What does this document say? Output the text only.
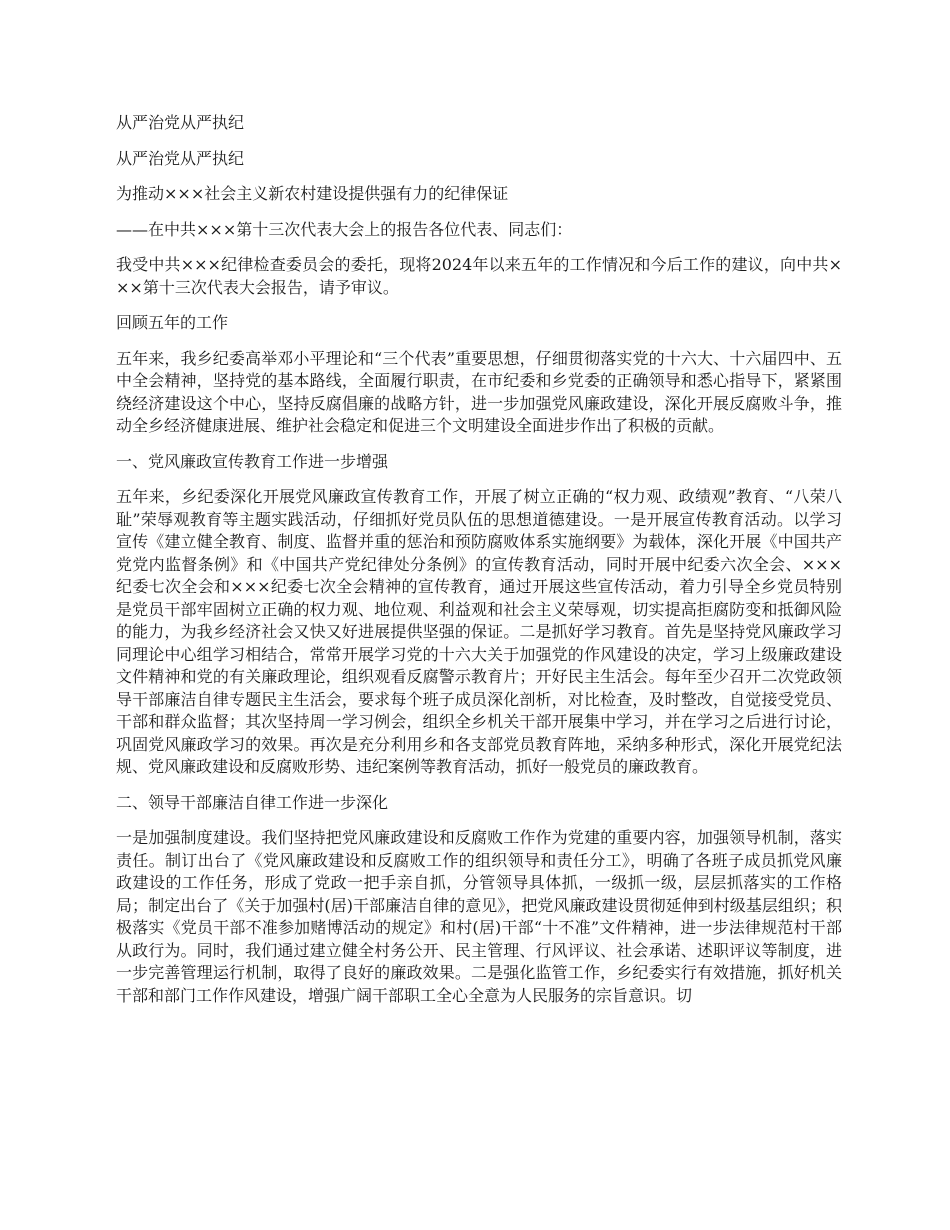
从严治党从严执纪

从严治党从严执纪

为推动×××社会主义新农村建设提供强有力的纪律保证

——在中共×××第十三次代表大会上的报告各位代表、同志们：

我受中共×××纪律检查委员会的委托，现将2024年以来五年的工作情况和今后工作的建议，向中共×××第十三次代表大会报告，请予审议。

回顾五年的工作

五年来，我乡纪委高举邓小平理论和“三个代表”重要思想，仔细贯彻落实党的十六大、十六届四中、五中全会精神，坚持党的基本路线，全面履行职责，在市纪委和乡党委的正确领导和悉心指导下，紧紧围绕经济建设这个中心，坚持反腐倡廉的战略方针，进一步加强党风廉政建设，深化开展反腐败斗争，推动全乡经济健康进展、维护社会稳定和促进三个文明建设全面进步作出了积极的贡献。

一、党风廉政宣传教育工作进一步增强

五年来，乡纪委深化开展党风廉政宣传教育工作，开展了树立正确的“权力观、政绩观”教育、“八荣八耻”荣辱观教育等主题实践活动，仔细抓好党员队伍的思想道德建设。一是开展宣传教育活动。以学习宣传《建立健全教育、制度、监督并重的惩治和预防腐败体系实施纲要》为载体，深化开展《中国共产党党内监督条例》和《中国共产党纪律处分条例》的宣传教育活动，同时开展中纪委六次全会、×××纪委七次全会和×××纪委七次全会精神的宣传教育，通过开展这些宣传活动，着力引导全乡党员特别是党员干部牢固树立正确的权力观、地位观、利益观和社会主义荣辱观，切实提高拒腐防变和抵御风险的能力，为我乡经济社会又快又好进展提供坚强的保证。二是抓好学习教育。首先是坚持党风廉政学习同理论中心组学习相结合，常常开展学习党的十六大关于加强党的作风建设的决定，学习上级廉政建设文件精神和党的有关廉政理论，组织观看反腐警示教育片；开好民主生活会。每年至少召开二次党政领导干部廉洁自律专题民主生活会，要求每个班子成员深化剖析，对比检查，及时整改，自觉接受党员、干部和群众监督；其次坚持周一学习例会，组织全乡机关干部开展集中学习，并在学习之后进行讨论，巩固党风廉政学习的效果。再次是充分利用乡和各支部党员教育阵地，采纳多种形式，深化开展党纪法规、党风廉政建设和反腐败形势、违纪案例等教育活动，抓好一般党员的廉政教育。

二、领导干部廉洁自律工作进一步深化

一是加强制度建设。我们坚持把党风廉政建设和反腐败工作作为党建的重要内容，加强领导机制，落实责任。制订出台了《党风廉政建设和反腐败工作的组织领导和责任分工》，明确了各班子成员抓党风廉政建设的工作任务，形成了党政一把手亲自抓，分管领导具体抓，一级抓一级，层层抓落实的工作格局；制定出台了《关于加强村(居)干部廉洁自律的意见》，把党风廉政建设贯彻延伸到村级基层组织；积极落实《党员干部不准参加赌博活动的规定》和村(居)干部“十不准”文件精神，进一步法律规范村干部从政行为。同时，我们通过建立健全村务公开、民主管理、行风评议、社会承诺、述职评议等制度，进一步完善管理运行机制，取得了良好的廉政效果。二是强化监管工作，乡纪委实行有效措施，抓好机关干部和部门工作作风建设，增强广阔干部职工全心全意为人民服务的宗旨意识。切
